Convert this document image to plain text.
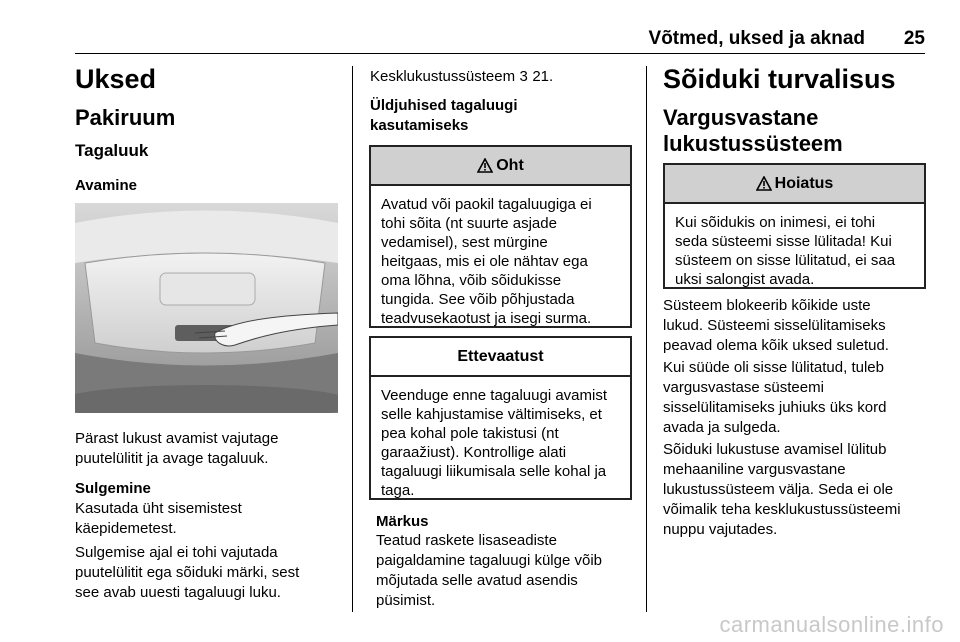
Võtmed, uksed ja aknad 25
Uksed
Pakiruum
Tagaluuk
Avamine

Pärast lukust avamist vajutage

puutelülitit ja avage tagaluuk.

Sulgemine

Kasutada üht sisemistest

käepidemetest.

Sulgemise ajal ei tohi vajutada

puutelülitit ega sõiduki märki, sest

see avab uuesti tagaluugi luku.

Kesklukustussüsteem 3 21.
Üldjuhised tagaluugi
kasutamiseks
Oht
Avatud või paokil tagaluugiga ei
tohi sõita (nt suurte asjade
vedamisel), sest mürgine
heitgaas, mis ei ole nähtav ega
oma lõhna, võib sõidukisse
tungida. See võib põhjustada
teadvusekaotust ja isegi surma.
Ettevaatust
Veenduge enne tagaluugi avamist
selle kahjustamise vältimiseks, et
pea kohal pole takistusi (nt
garaažiust). Kontrollige alati
tagaluugi liikumisala selle kohal ja
taga.
Märkus

Teatud raskete lisaseadiste

paigaldamine tagaluugi külge võib

mõjutada selle avatud asendis

püsimist.

Sõiduki turvalisus
Vargusvastane
lukustussüsteem
Hoiatus
Kui sõidukis on inimesi, ei tohi
seda süsteemi sisse lülitada! Kui
süsteem on sisse lülitatud, ei saa
uksi salongist avada.

Süsteem blokeerib kõikide uste

lukud. Süsteemi sisselülitamiseks

peavad olema kõik uksed suletud.

Kui süüde oli sisse lülitatud, tuleb

vargusvastase süsteemi

sisselülitamiseks juhiuks üks kord

avada ja sulgeda.

Sõiduki lukustuse avamisel lülitub

mehaaniline vargusvastane

lukustussüsteem välja. Seda ei ole

võimalik teha kesklukustussüsteemi

nuppu vajutades.

carmanualsonline.info
